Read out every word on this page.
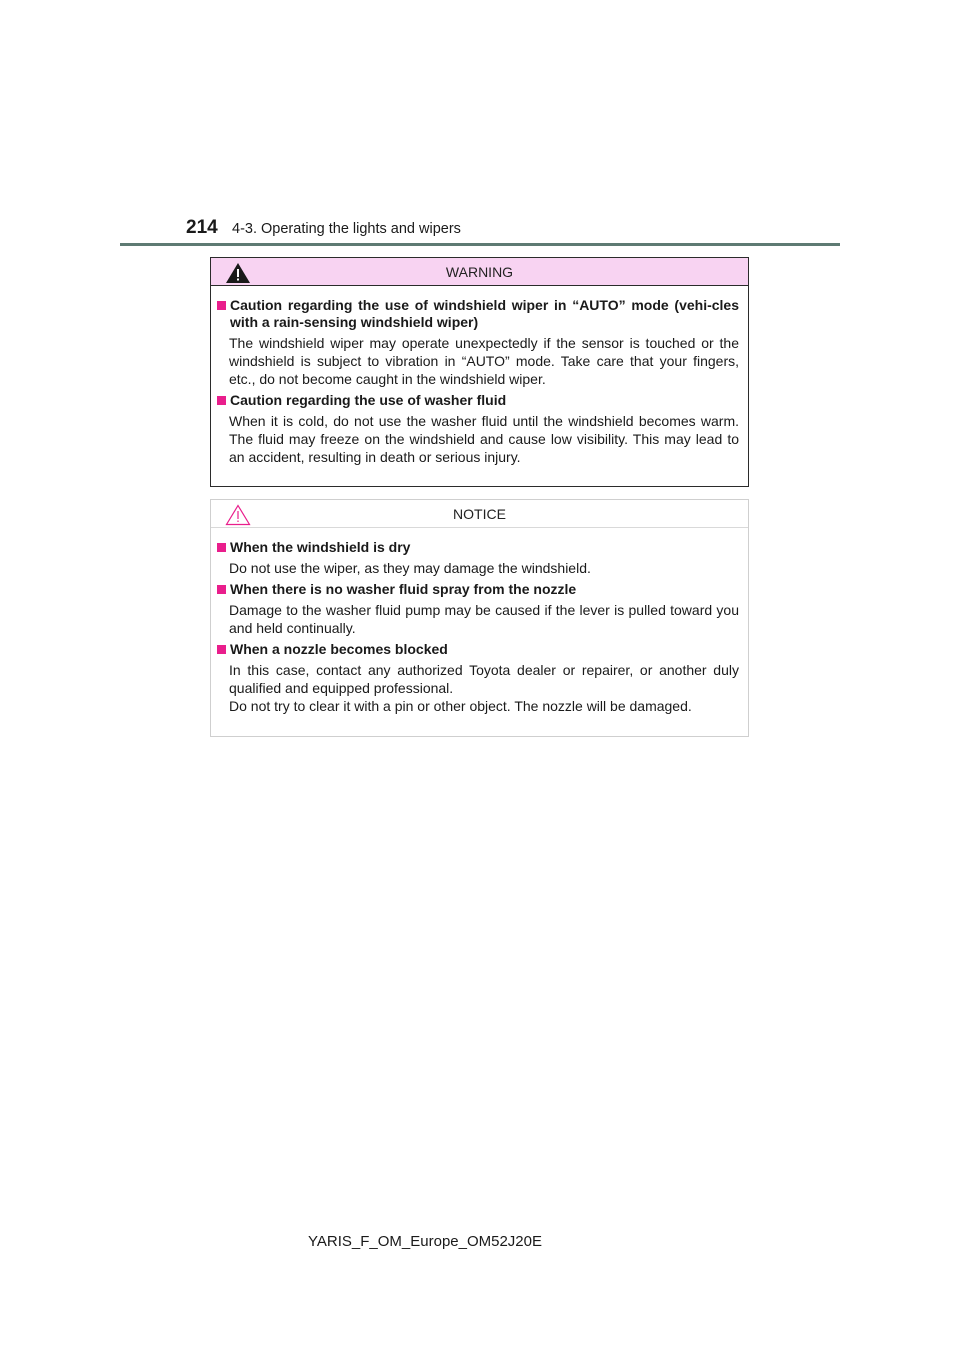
214 4-3. Operating the lights and wipers
WARNING
Caution regarding the use of windshield wiper in “AUTO” mode (vehi-cles with a rain-sensing windshield wiper)

The windshield wiper may operate unexpectedly if the sensor is touched or the windshield is subject to vibration in “AUTO” mode. Take care that your fingers, etc., do not become caught in the windshield wiper.

Caution regarding the use of washer fluid

When it is cold, do not use the washer fluid until the windshield becomes warm. The fluid may freeze on the windshield and cause low visibility. This may lead to an accident, resulting in death or serious injury.

NOTICE
When the windshield is dry

Do not use the wiper, as they may damage the windshield.

When there is no washer fluid spray from the nozzle

Damage to the washer fluid pump may be caused if the lever is pulled toward you and held continually.

When a nozzle becomes blocked

In this case, contact any authorized Toyota dealer or repairer, or another duly qualified and equipped professional.

Do not try to clear it with a pin or other object. The nozzle will be damaged.

YARIS_F_OM_Europe_OM52J20E
